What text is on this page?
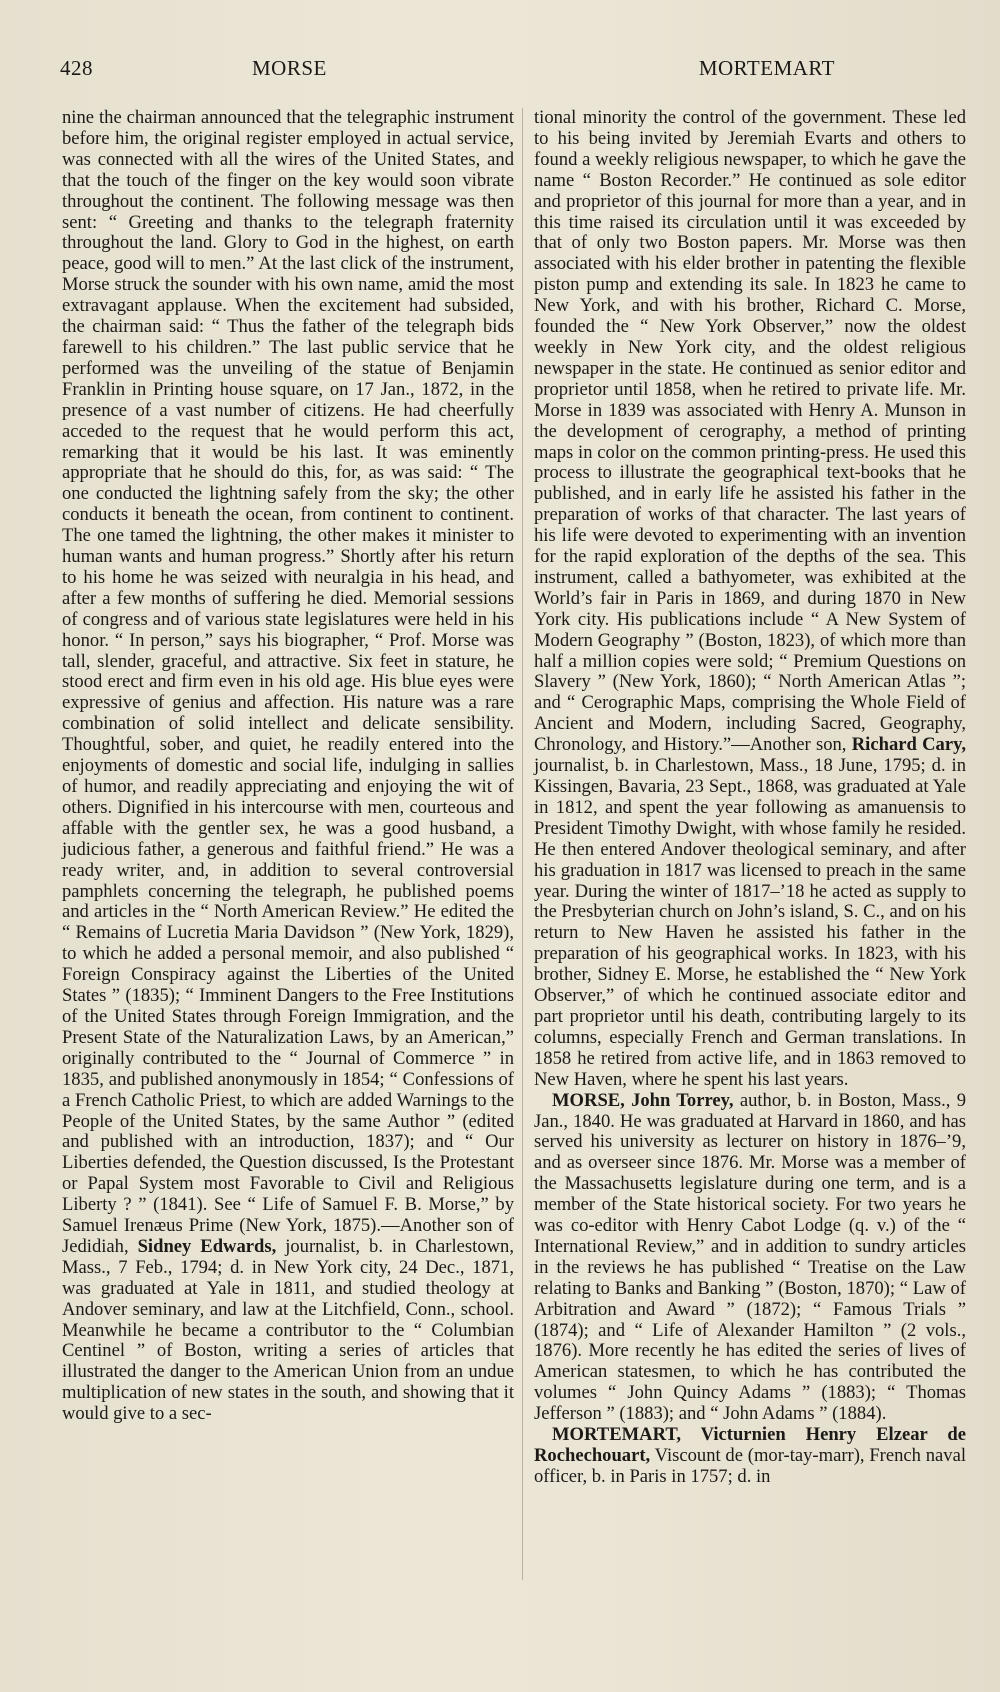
428	MORSE	MORTEMART

nine the chairman announced that the telegraphic instrument before him, the original register employed in actual service, was connected with all the wires of the United States, and that the touch of the finger on the key would soon vibrate throughout the continent. The following message was then sent: “ Greeting and thanks to the telegraph fraternity throughout the land. Glory to God in the highest, on earth peace, good will to men.” At the last click of the instrument, Morse struck the sounder with his own name, amid the most extravagant applause. When the excitement had subsided, the chairman said: “ Thus the father of the telegraph bids farewell to his children.” The last public service that he performed was the unveiling of the statue of Benjamin Franklin in Printing house square, on 17 Jan., 1872, in the presence of a vast number of citizens. He had cheerfully acceded to the request that he would perform this act, remarking that it would be his last. It was eminently appropriate that he should do this, for, as was said: “ The one conducted the lightning safely from the sky; the other conducts it beneath the ocean, from continent to continent. The one tamed the lightning, the other makes it minister to human wants and human progress.” Shortly after his return to his home he was seized with neuralgia in his head, and after a few months of suffering he died. Memorial sessions of congress and of various state legislatures were held in his honor. “ In person,” says his biographer, “ Prof. Morse was tall, slender, graceful, and attractive. Six feet in stature, he stood erect and firm even in his old age. His blue eyes were expressive of genius and affection. His nature was a rare combination of solid intellect and delicate sensibility. Thoughtful, sober, and quiet, he readily entered into the enjoyments of domestic and social life, indulging in sallies of humor, and readily appreciating and enjoying the wit of others. Dignified in his intercourse with men, courteous and affable with the gentler sex, he was a good husband, a judicious father, a generous and faithful friend.” He was a ready writer, and, in addition to several controversial pamphlets concerning the telegraph, he published poems and articles in the “ North American Review.” He edited the “ Remains of Lucretia Maria Davidson ” (New York, 1829), to which he added a personal memoir, and also published “ Foreign Conspiracy against the Liberties of the United States ” (1835); “ Imminent Dangers to the Free Institutions of the United States through Foreign Immigration, and the Present State of the Naturalization Laws, by an American,” originally contributed to the “ Journal of Commerce ” in 1835, and published anonymously in 1854; “ Confessions of a French Catholic Priest, to which are added Warnings to the People of the United States, by the same Author ” (edited and published with an introduction, 1837); and “ Our Liberties defended, the Question discussed, Is the Protestant or Papal System most Favorable to Civil and Religious Liberty ? ” (1841). See “ Life of Samuel F. B. Morse,” by Samuel Irenæus Prime (New York, 1875).—Another son of Jedidiah, Sidney Edwards, journalist, b. in Charlestown, Mass., 7 Feb., 1794; d. in New York city, 24 Dec., 1871, was graduated at Yale in 1811, and studied theology at Andover seminary, and law at the Litchfield, Conn., school. Meanwhile he became a contributor to the “ Columbian Centinel ” of Boston, writing a series of articles that illustrated the danger to the American Union from an undue multiplication of new states in the south, and showing that it would give to a sec-

tional minority the control of the government. These led to his being invited by Jeremiah Evarts and others to found a weekly religious newspaper, to which he gave the name “ Boston Recorder.” He continued as sole editor and proprietor of this journal for more than a year, and in this time raised its circulation until it was exceeded by that of only two Boston papers. Mr. Morse was then associated with his elder brother in patenting the flexible piston pump and extending its sale. In 1823 he came to New York, and with his brother, Richard C. Morse, founded the “ New York Observer,” now the oldest weekly in New York city, and the oldest religious newspaper in the state. He continued as senior editor and proprietor until 1858, when he retired to private life. Mr. Morse in 1839 was associated with Henry A. Munson in the development of cerography, a method of printing maps in color on the common printing-press. He used this process to illustrate the geographical text-books that he published, and in early life he assisted his father in the preparation of works of that character. The last years of his life were devoted to experimenting with an invention for the rapid exploration of the depths of the sea. This instrument, called a bathyometer, was exhibited at the World’s fair in Paris in 1869, and during 1870 in New York city. His publications include “ A New System of Modern Geography ” (Boston, 1823), of which more than half a million copies were sold; “ Premium Questions on Slavery ” (New York, 1860); “ North American Atlas ”; and “ Cerographic Maps, comprising the Whole Field of Ancient and Modern, including Sacred, Geography, Chronology, and History.”—Another son, Richard Cary, journalist, b. in Charlestown, Mass., 18 June, 1795; d. in Kissingen, Bavaria, 23 Sept., 1868, was graduated at Yale in 1812, and spent the year following as amanuensis to President Timothy Dwight, with whose family he resided. He then entered Andover theological seminary, and after his graduation in 1817 was licensed to preach in the same year. During the winter of 1817–’18 he acted as supply to the Presbyterian church on John’s island, S. C., and on his return to New Haven he assisted his father in the preparation of his geographical works. In 1823, with his brother, Sidney E. Morse, he established the “ New York Observer,” of which he continued associate editor and part proprietor until his death, contributing largely to its columns, especially French and German translations. In 1858 he retired from active life, and in 1863 removed to New Haven, where he spent his last years.

MORSE, John Torrey, author, b. in Boston, Mass., 9 Jan., 1840. He was graduated at Harvard in 1860, and has served his university as lecturer on history in 1876–’9, and as overseer since 1876. Mr. Morse was a member of the Massachusetts legislature during one term, and is a member of the State historical society. For two years he was co-editor with Henry Cabot Lodge (q. v.) of the “ International Review,” and in addition to sundry articles in the reviews he has published “ Treatise on the Law relating to Banks and Banking ” (Boston, 1870); “ Law of Arbitration and Award ” (1872); “ Famous Trials ” (1874); and “ Life of Alexander Hamilton ” (2 vols., 1876). More recently he has edited the series of lives of American statesmen, to which he has contributed the volumes “ John Quincy Adams ” (1883); “ Thomas Jefferson ” (1883); and “ John Adams ” (1884).

MORTEMART, Victurnien Henry Elzear de Rochechouart, Viscount de (mor-tay-marr), French naval officer, b. in Paris in 1757; d. in
